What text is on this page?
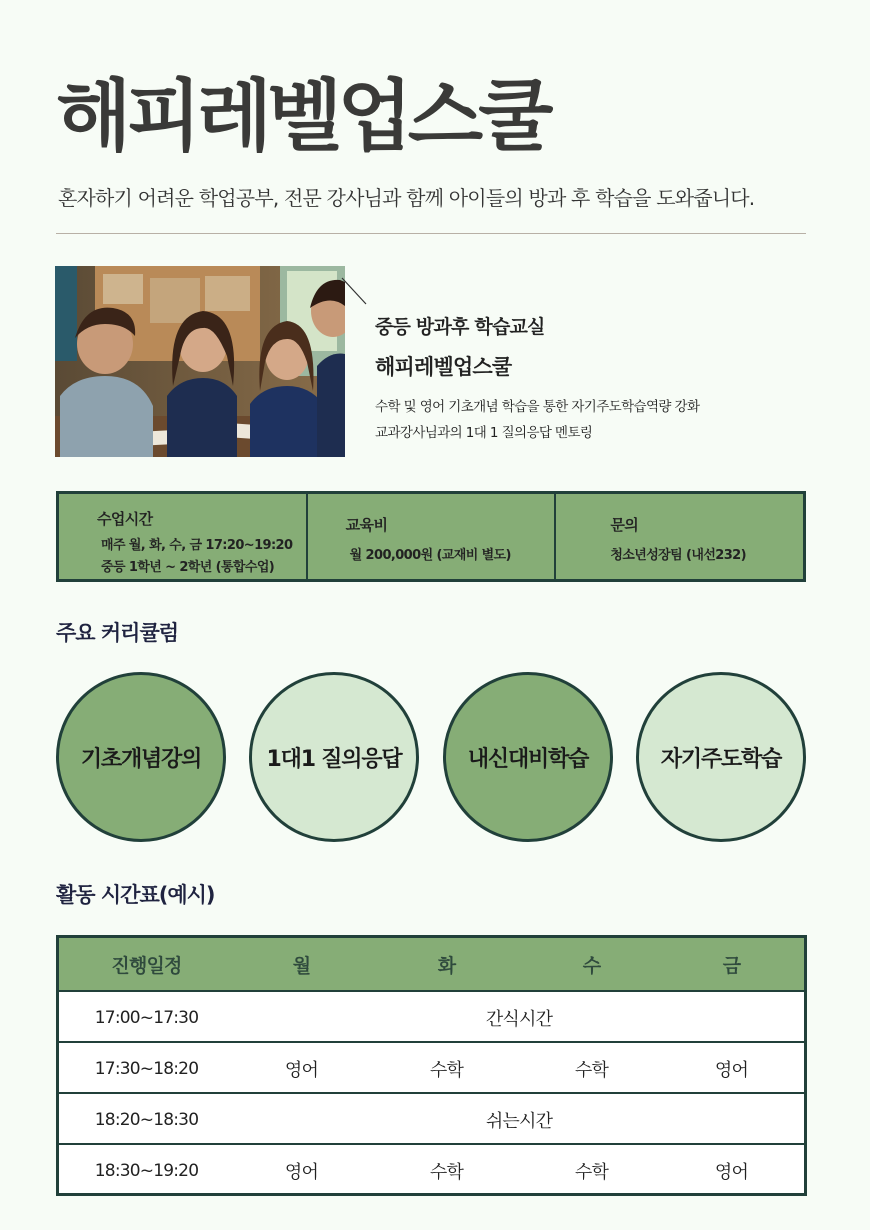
해피레벨업스쿨

혼자하기 어려운 학업공부, 전문 강사님과 함께 아이들의 방과 후 학습을 도와줍니다.

중등 방과후 학습교실

해피레벨업스쿨

수학 및 영어 기초개념 학습을 통한 자기주도학습역량 강화

교과강사님과의 1대 1 질의응답 멘토링

수업시간
매주 월, 화, 수, 금 17:20~19:20
중등 1학년 ~ 2학년 (통합수업)
교육비
월 200,000원 (교재비 별도)
문의
청소년성장팀 (내선232)
주요 커리큘럼
기초개념강의	1대1 질의응답	내신대비학습	자기주도학습
활동 시간표(예시)
진행일정	월	화	수	금
17:00~17:30	간식시간
17:30~18:20	영어	수학	수학	영어
18:20~18:30	쉬는시간
18:30~19:20	영어	수학	수학	영어
